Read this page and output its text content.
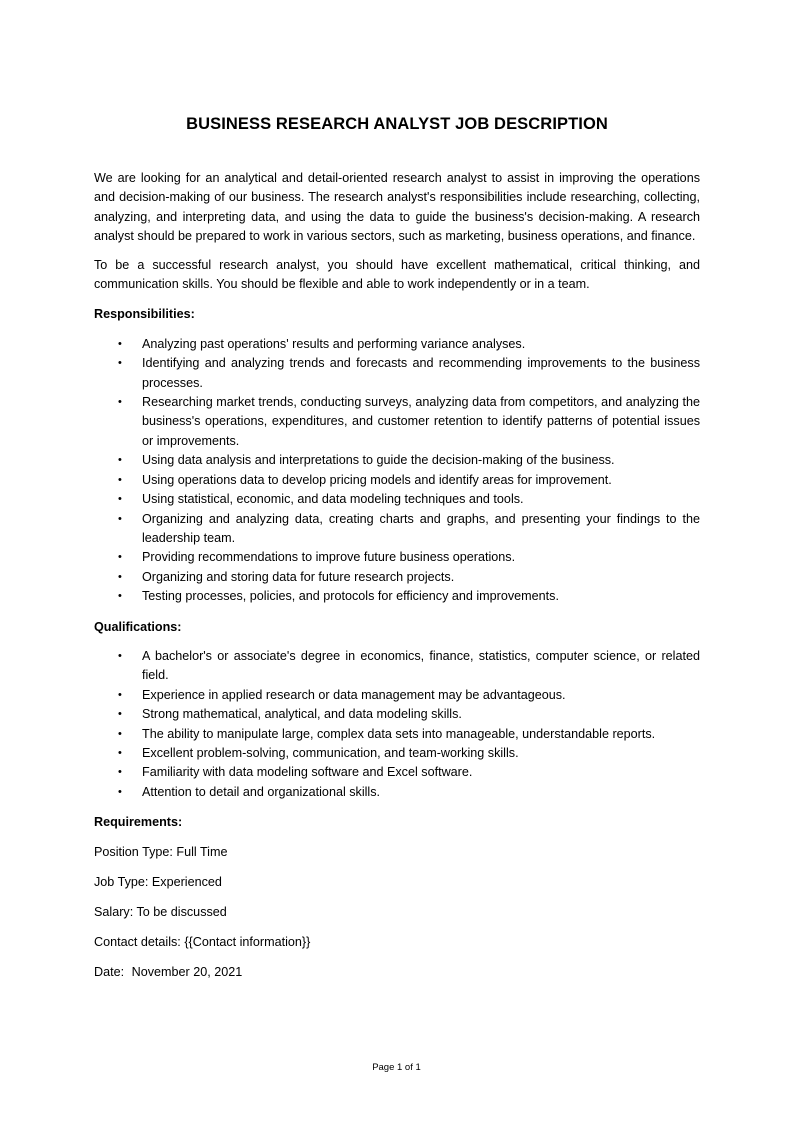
BUSINESS RESEARCH ANALYST JOB DESCRIPTION

We are looking for an analytical and detail-oriented research analyst to assist in improving the operations and decision-making of our business. The research analyst's responsibilities include researching, collecting, analyzing, and interpreting data, and using the data to guide the business's decision-making. A research analyst should be prepared to work in various sectors, such as marketing, business operations, and finance.

To be a successful research analyst, you should have excellent mathematical, critical thinking, and communication skills. You should be flexible and able to work independently or in a team.

Responsibilities:
• Analyzing past operations' results and performing variance analyses.
• Identifying and analyzing trends and forecasts and recommending improvements to the business processes.
• Researching market trends, conducting surveys, analyzing data from competitors, and analyzing the business's operations, expenditures, and customer retention to identify patterns of potential issues or improvements.
• Using data analysis and interpretations to guide the decision-making of the business.
• Using operations data to develop pricing models and identify areas for improvement.
• Using statistical, economic, and data modeling techniques and tools.
• Organizing and analyzing data, creating charts and graphs, and presenting your findings to the leadership team.
• Providing recommendations to improve future business operations.
• Organizing and storing data for future research projects.
• Testing processes, policies, and protocols for efficiency and improvements.
Qualifications:
• A bachelor's or associate's degree in economics, finance, statistics, computer science, or related field.
• Experience in applied research or data management may be advantageous.
• Strong mathematical, analytical, and data modeling skills.
• The ability to manipulate large, complex data sets into manageable, understandable reports.
• Excellent problem-solving, communication, and team-working skills.
• Familiarity with data modeling software and Excel software.
• Attention to detail and organizational skills.
Requirements:
Position Type: Full Time
Job Type: Experienced
Salary: To be discussed
Contact details: {{Contact information}}
Date: November 20, 2021
Page 1 of 1
